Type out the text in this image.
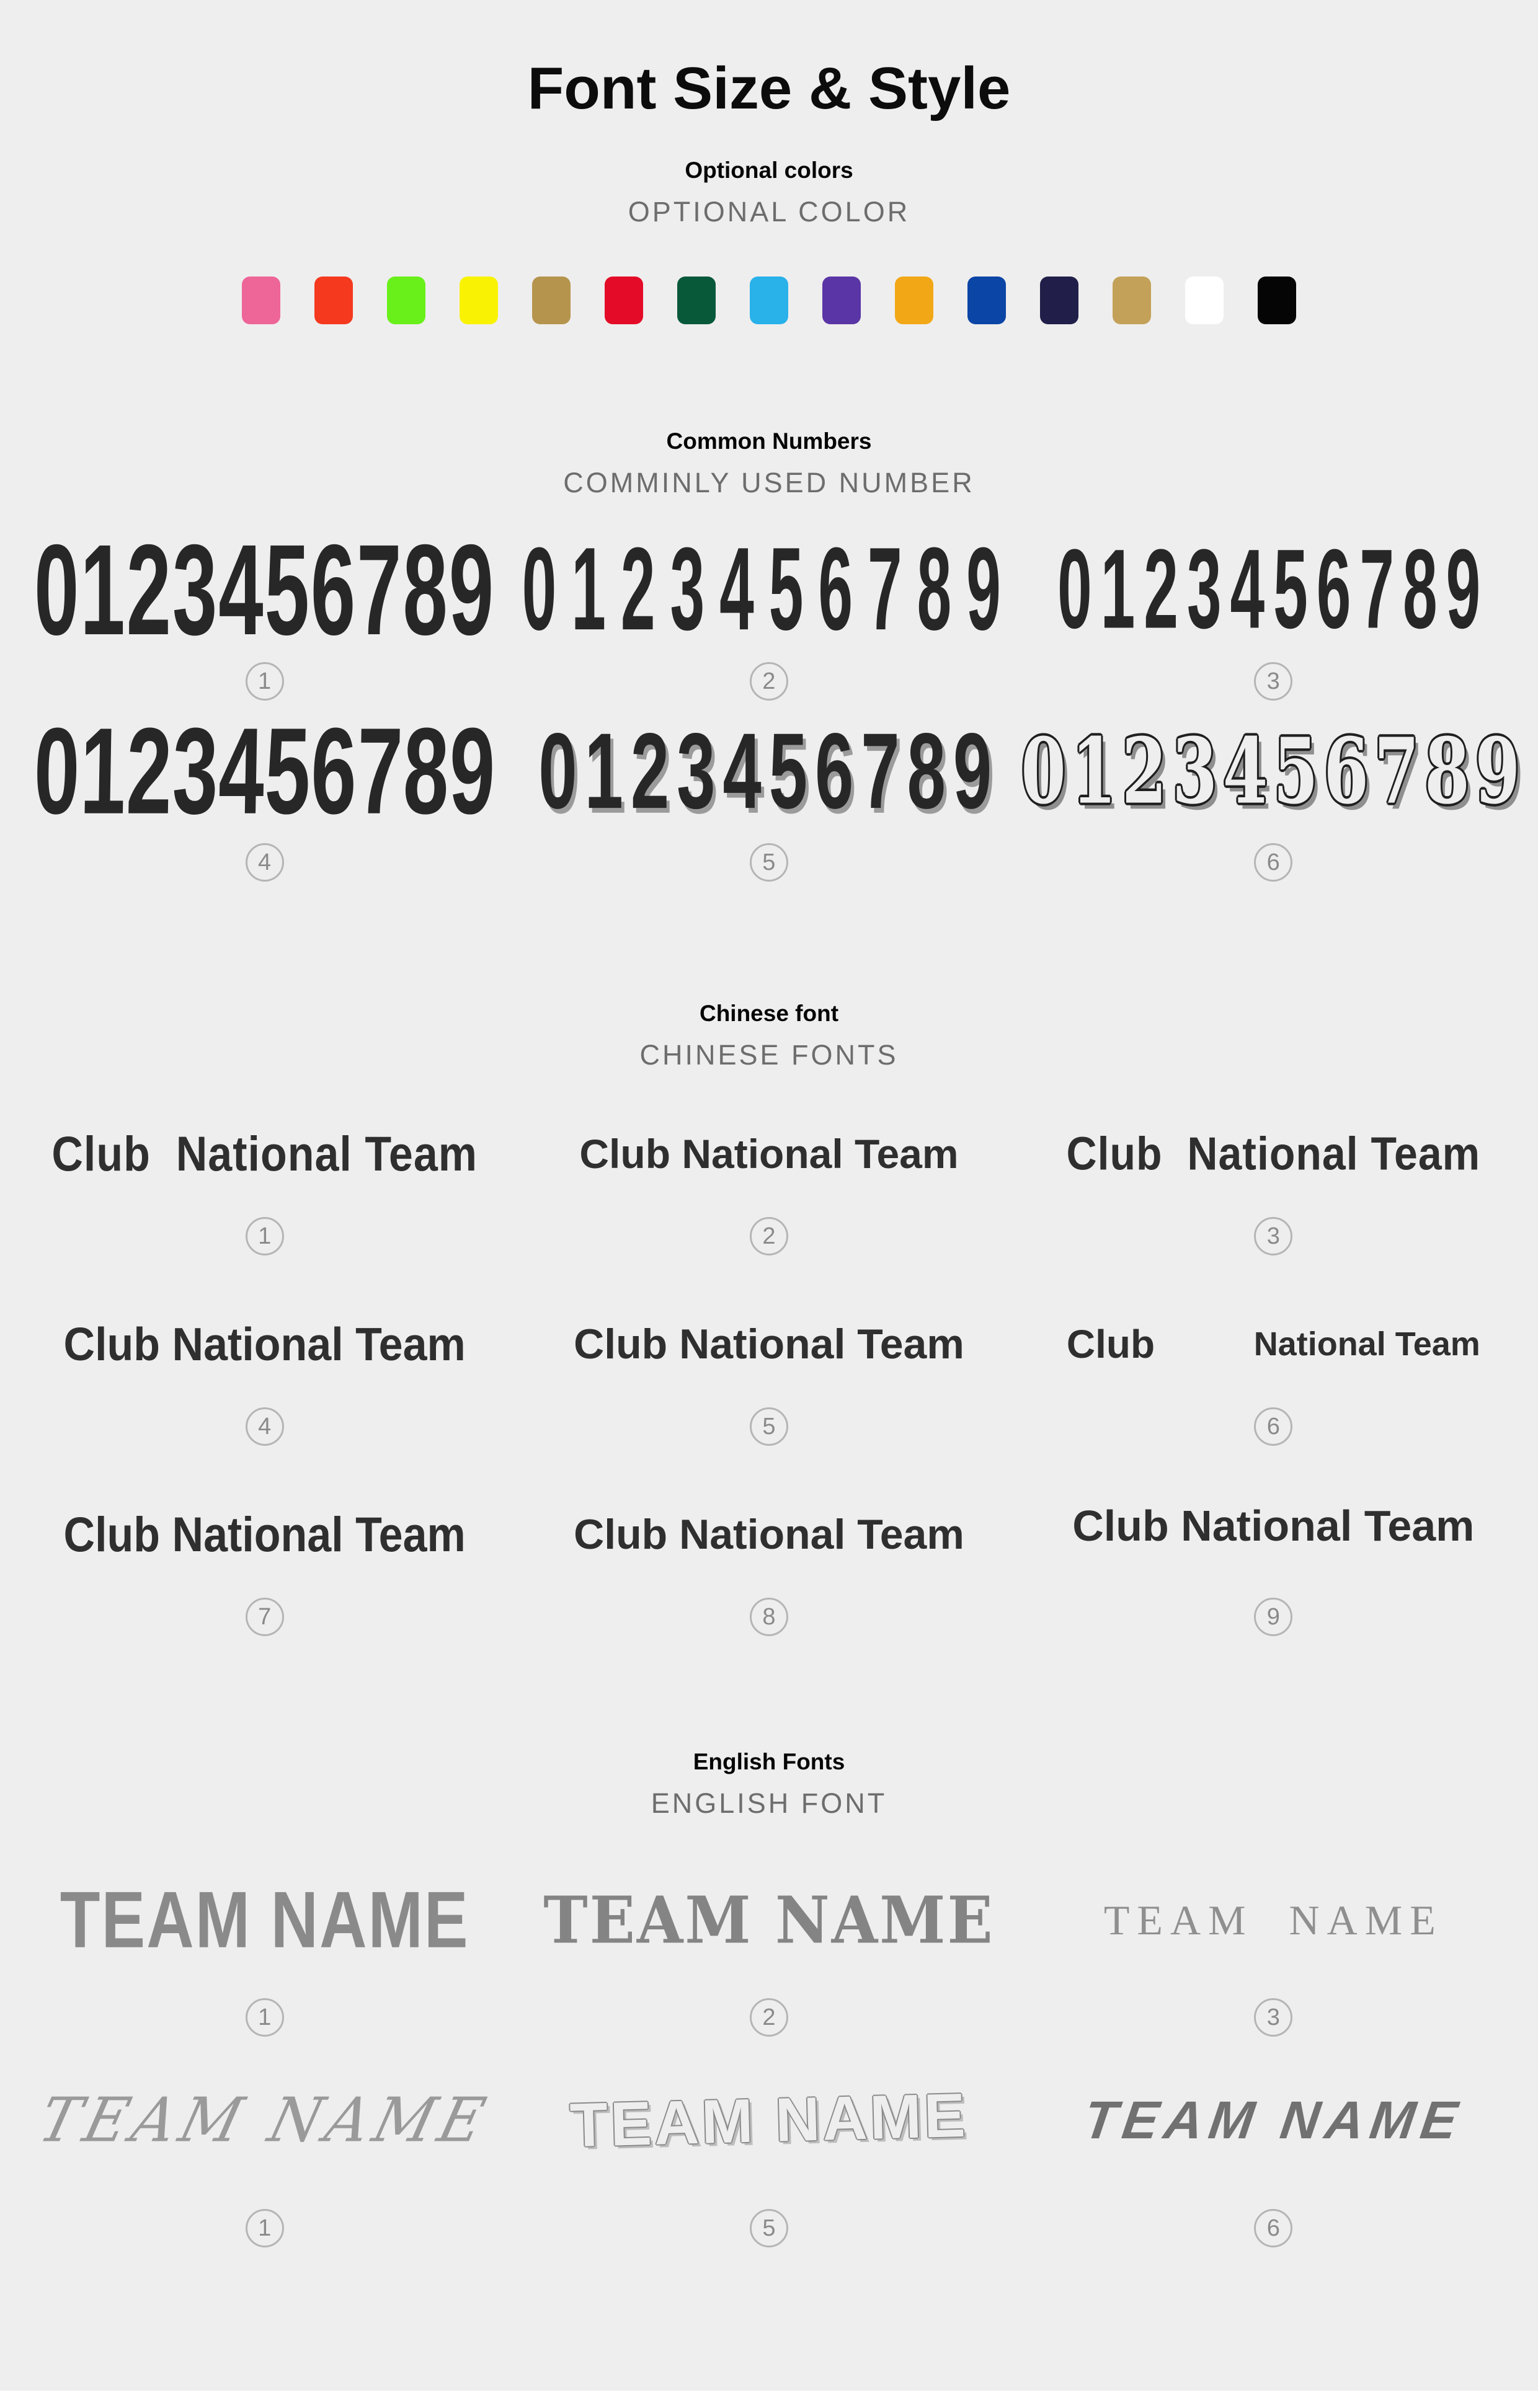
Font Size & Style
Optional colors
OPTIONAL COLOR
Common Numbers
COMMINLY USED NUMBER
0123456789
1
0123456789
2
0123456789
3
0123456789
4
0123456789
5
0123456789
6
Chinese font
CHINESE FONTS
Club  National Team
1
Club National Team
2
Club  National Team
3
Club National Team
4
Club National Team
5
Club	National Team
6
Club National Team
7
Club National Team
8
Club National Team
9
English Fonts
ENGLISH FONT
TEAM NAME
1
TEAM NAME
2
TEAM  NAME
3
TEAM NAME
1
TEAM NAME
5
TEAM NAME
6
